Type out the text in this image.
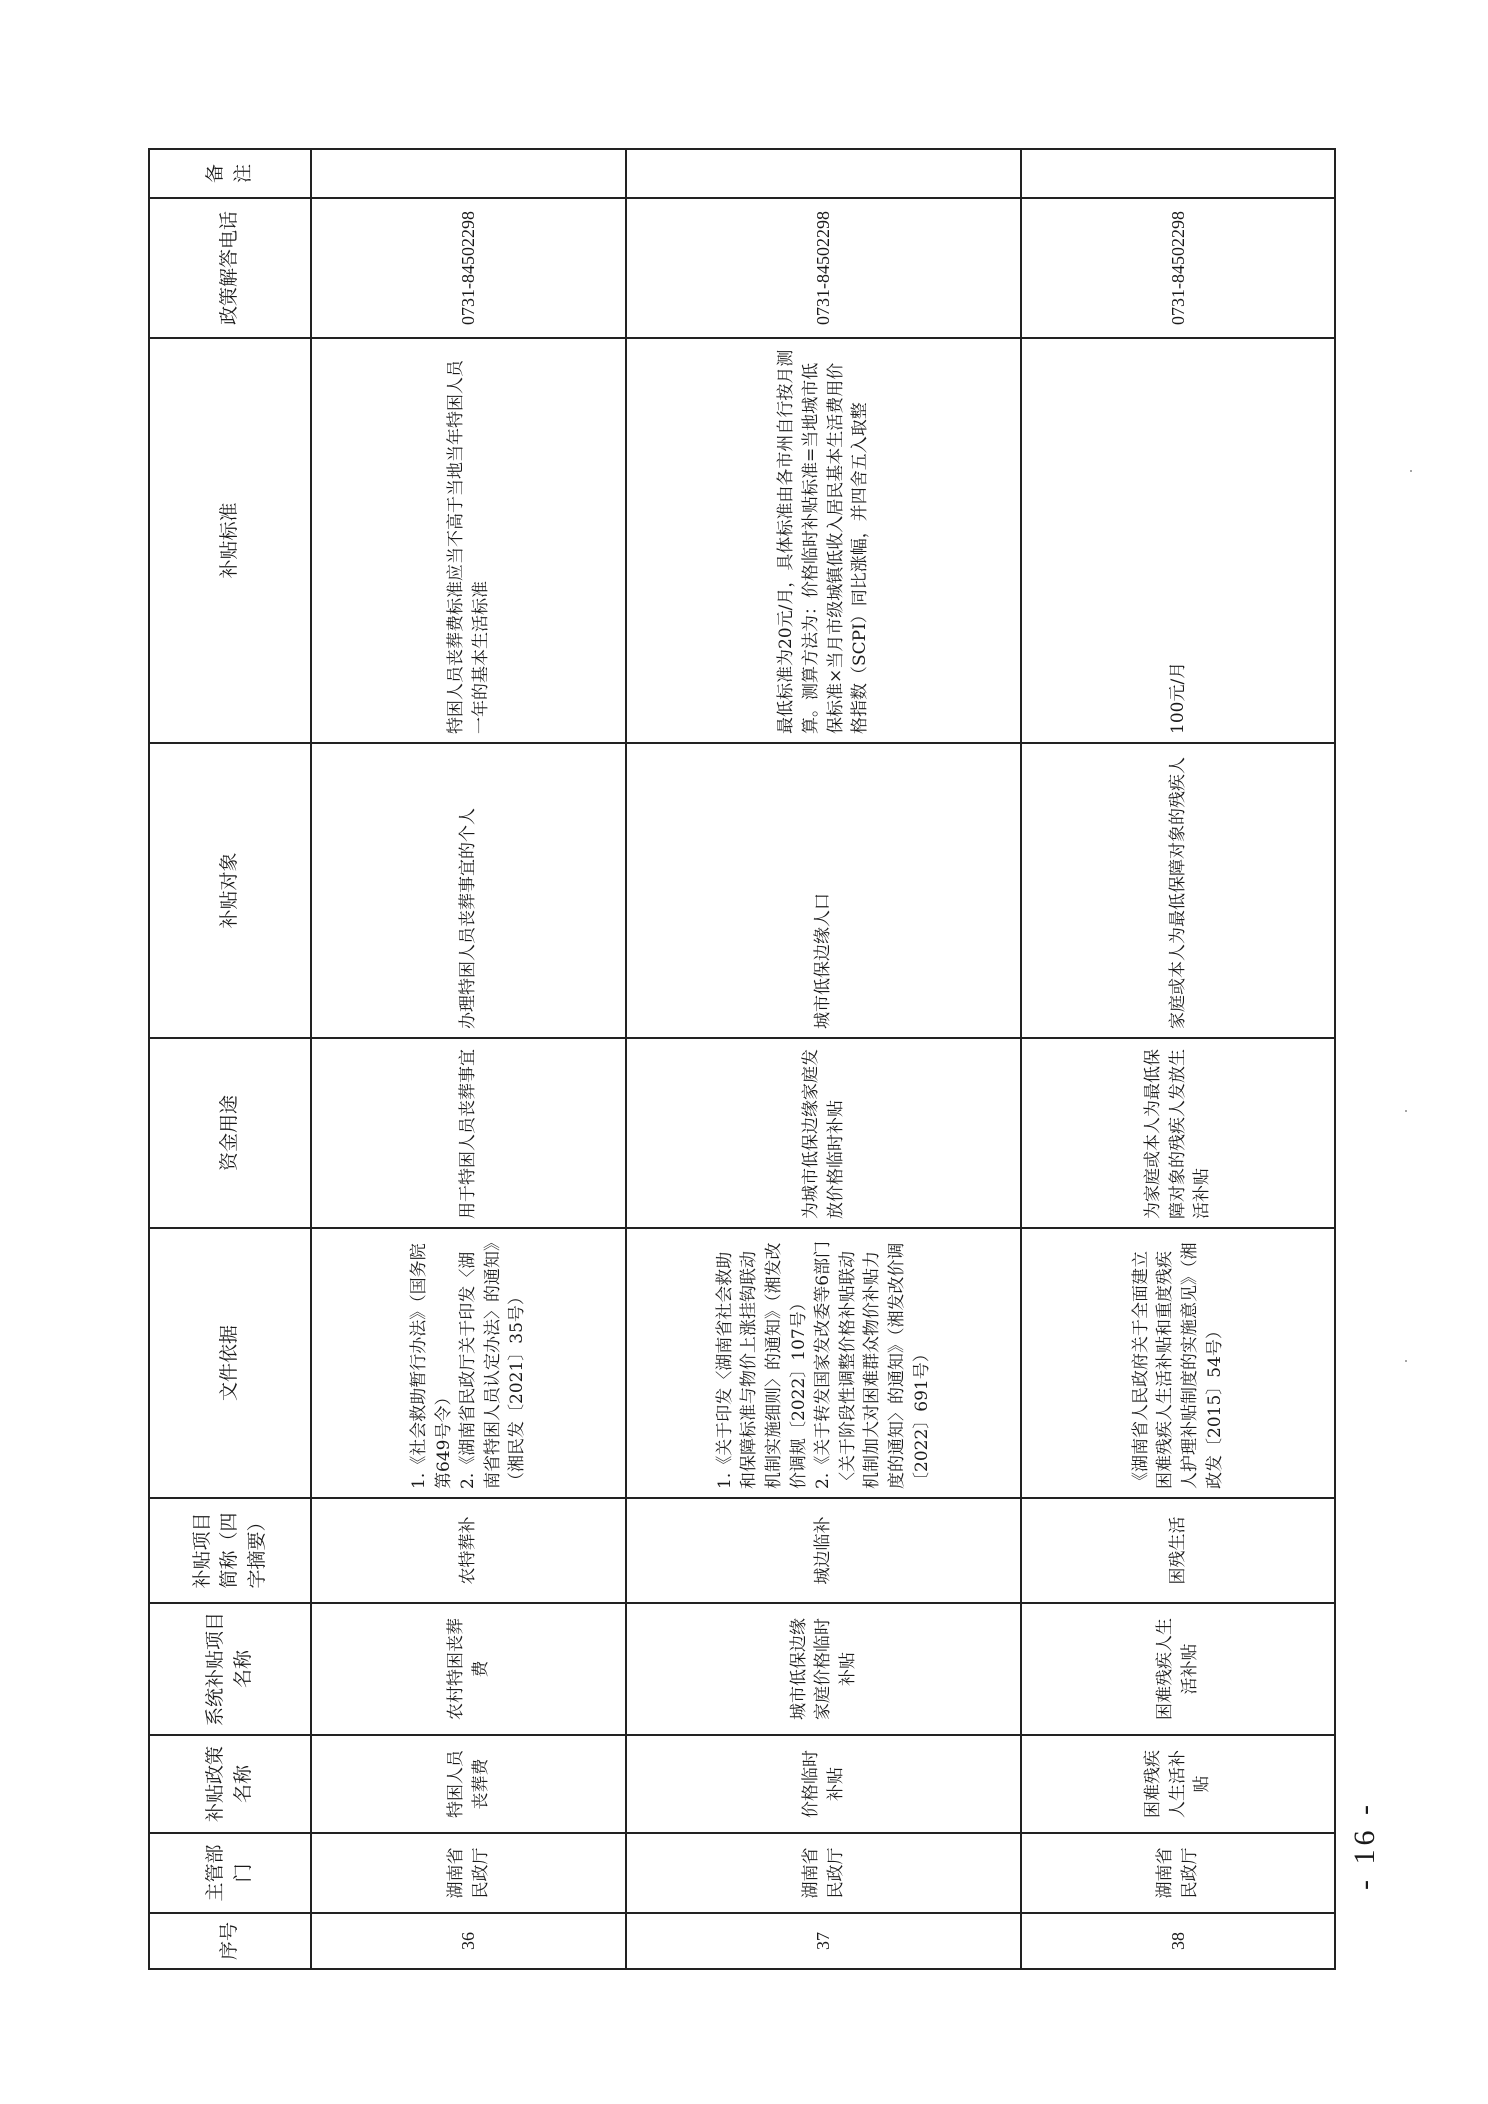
序号	主管部门	补贴政策名称	系统补贴项目名称	补贴项目简称（四字摘要）	文件依据	资金用途	补贴对象	补贴标准	政策解答电话	备注
36	湖南省民政厅	特困人员丧葬费	农村特困丧葬费	农特葬补	1.《社会救助暂行办法》（国务院第649号令）
2.《湖南省民政厅关于印发〈湖南省特困人员认定办法〉的通知》（湘民发〔2021〕35号）	用于特困人员丧葬事宜	办理特困人员丧葬事宜的个人	特困人员丧葬费标准应当不高于当地当年特困人员一年的基本生活标准	0731-84502298	
37	湖南省民政厅	价格临时补贴	城市低保边缘家庭价格临时补贴	城边临补	1.《关于印发〈湖南省社会救助和保障标准与物价上涨挂钩联动机制实施细则〉的通知》（湘发改价调规〔2022〕107号）
2.《关于转发国家发改委等6部门〈关于阶段性调整价格补贴联动机制加大对困难群众物价补贴力度的通知〉的通知》（湘发改价调〔2022〕691号）	为城市低保边缘家庭发放价格临时补贴	城市低保边缘人口	最低标准为20元/月，具体标准由各市州自行按月测算。测算方法为：价格临时补贴标准=当地城市低保标准×当月市级城镇低收入居民基本生活费用价格指数（SCPI）同比涨幅，并四舍五入取整	0731-84502298	
38	湖南省民政厅	困难残疾人生活补贴	困难残疾人生活补贴	困残生活	《湖南省人民政府关于全面建立困难残疾人生活补贴和重度残疾人护理补贴制度的实施意见》（湘政发〔2015〕54号）	为家庭或本人为最低保障对象的残疾人发放生活补贴	家庭或本人为最低保障对象的残疾人	100元/月	0731-84502298	
- 16 -
